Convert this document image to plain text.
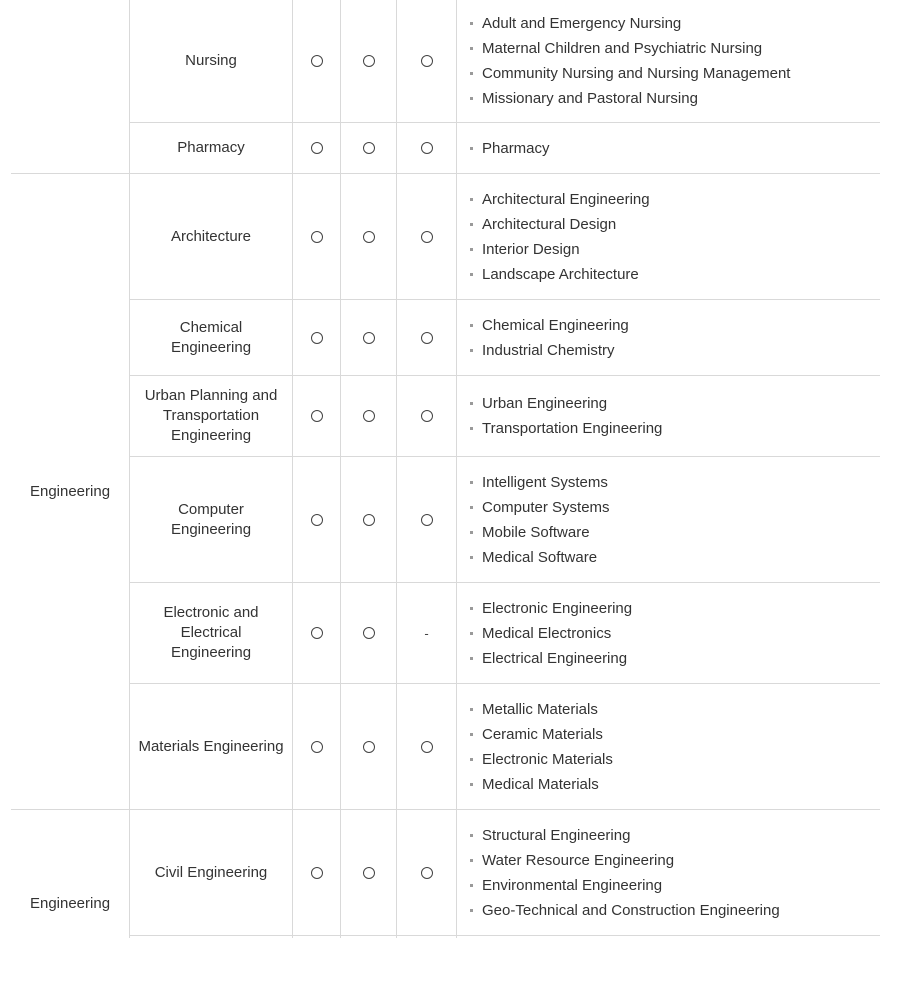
Engineering
Engineering
Nursing
Adult and Emergency Nursing
Maternal Children and Psychiatric Nursing
Community Nursing and Nursing Management
Missionary and Pastoral Nursing
Pharmacy	Pharmacy
Architecture
Architectural Engineering
Architectural Design
Interior Design
Landscape Architecture
Chemical Engineering
Chemical Engineering
Industrial Chemistry
Urban Planning and Transportation Engineering
Urban Engineering
Transportation Engineering
Computer Engineering
Intelligent Systems
Computer Systems
Mobile Software
Medical Software
Electronic and Electrical Engineering
Electronic Engineering
Medical Electronics
Electrical Engineering
Materials Engineering
Metallic Materials
Ceramic Materials
Electronic Materials
Medical Materials
Civil Engineering
Structural Engineering
Water Resource Engineering
Environmental Engineering
Geo-Technical and Construction Engineering
-
